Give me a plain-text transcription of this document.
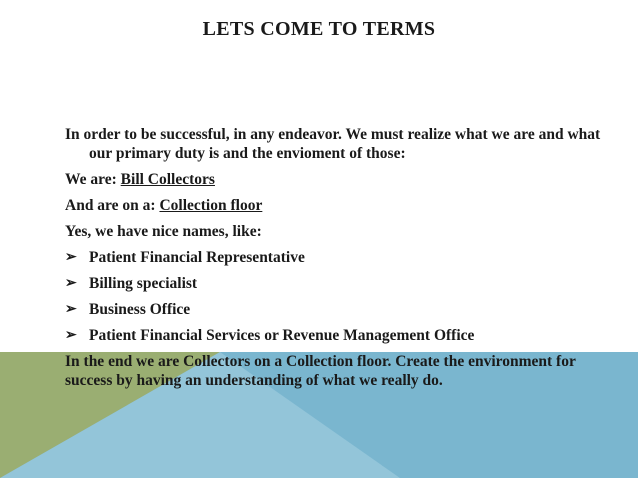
LETS COME TO TERMS

In order to be successful, in any endeavor. We must realize what we are and what our primary duty is and the envioment of those:

We are: Bill Collectors

And are on a: Collection floor

Yes, we have nice names, like:

➢ Patient Financial Representative
➢ Billing specialist
➢ Business Office
➢ Patient Financial Services or Revenue Management Office

In the end we are Collectors on a Collection floor. Create the environment for success by having an understanding of what we really do.
